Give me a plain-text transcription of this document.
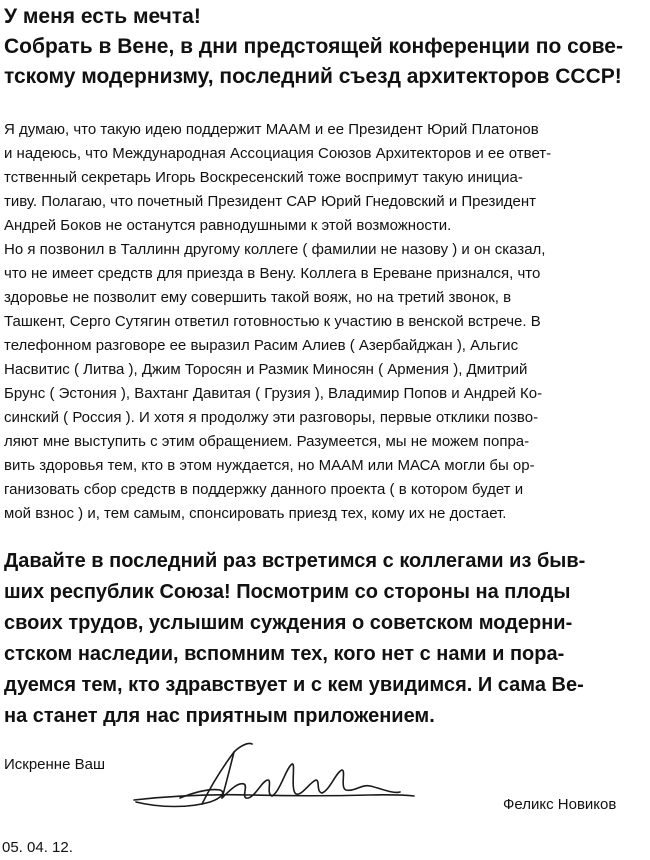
У меня есть мечта!
Собрать в Вене, в дни предстоящей конференции по сове-
тскому модернизму, последний съезд архитекторов СССР!

Я думаю, что такую идею поддержит МААМ и ее Президент Юрий Платонов
и надеюсь, что Международная Ассоциация Союзов Архитекторов и ее ответ-
тственный секретарь Игорь Воскресенский тоже воспримут такую инициа-
тиву. Полагаю, что почетный Президент САР Юрий Гнедовский и Президент
Андрей Боков не останутся равнодушными к этой возможности.
Но я позвонил в Таллинн другому коллеге ( фамилии не назову ) и он сказал,
что не имеет средств для приезда в Вену. Коллега в Ереване признался, что
здоровье не позволит ему совершить такой вояж, но на третий звонок, в
Ташкент, Серго Сутягин ответил готовностью к участию в венской встрече. В
телефонном разговоре ее выразил Расим Алиев ( Азербайджан ), Альгис
Насвитис ( Литва ), Джим Торосян и Размик Миносян ( Армения ), Дмитрий
Брунс ( Эстония ), Вахтанг Давитая ( Грузия ), Владимир Попов и Андрей Ко-
синский ( Россия ). И хотя я продолжу эти разговоры, первые отклики позво-
ляют мне выступить с этим обращением. Разумеется, мы не можем попра-
вить здоровья тем, кто в этом нуждается, но МААМ или МАСА могли бы ор-
ганизовать сбор средств в поддержку данного проекта ( в котором будет и
мой взнос ) и, тем самым, спонсировать приезд тех, кому их не достает.

Давайте в последний раз встретимся с коллегами из быв-
ших республик Союза! Посмотрим со стороны на плоды
своих трудов, услышим суждения о советском модерни-
стском наследии, вспомним тех, кого нет с нами и пора-
дуемся тем, кто здравствует и с кем увидимся. И сама Ве-
на станет для нас приятным приложением.

Искренне Ваш
Феликс Новиков
05. 04. 12.
